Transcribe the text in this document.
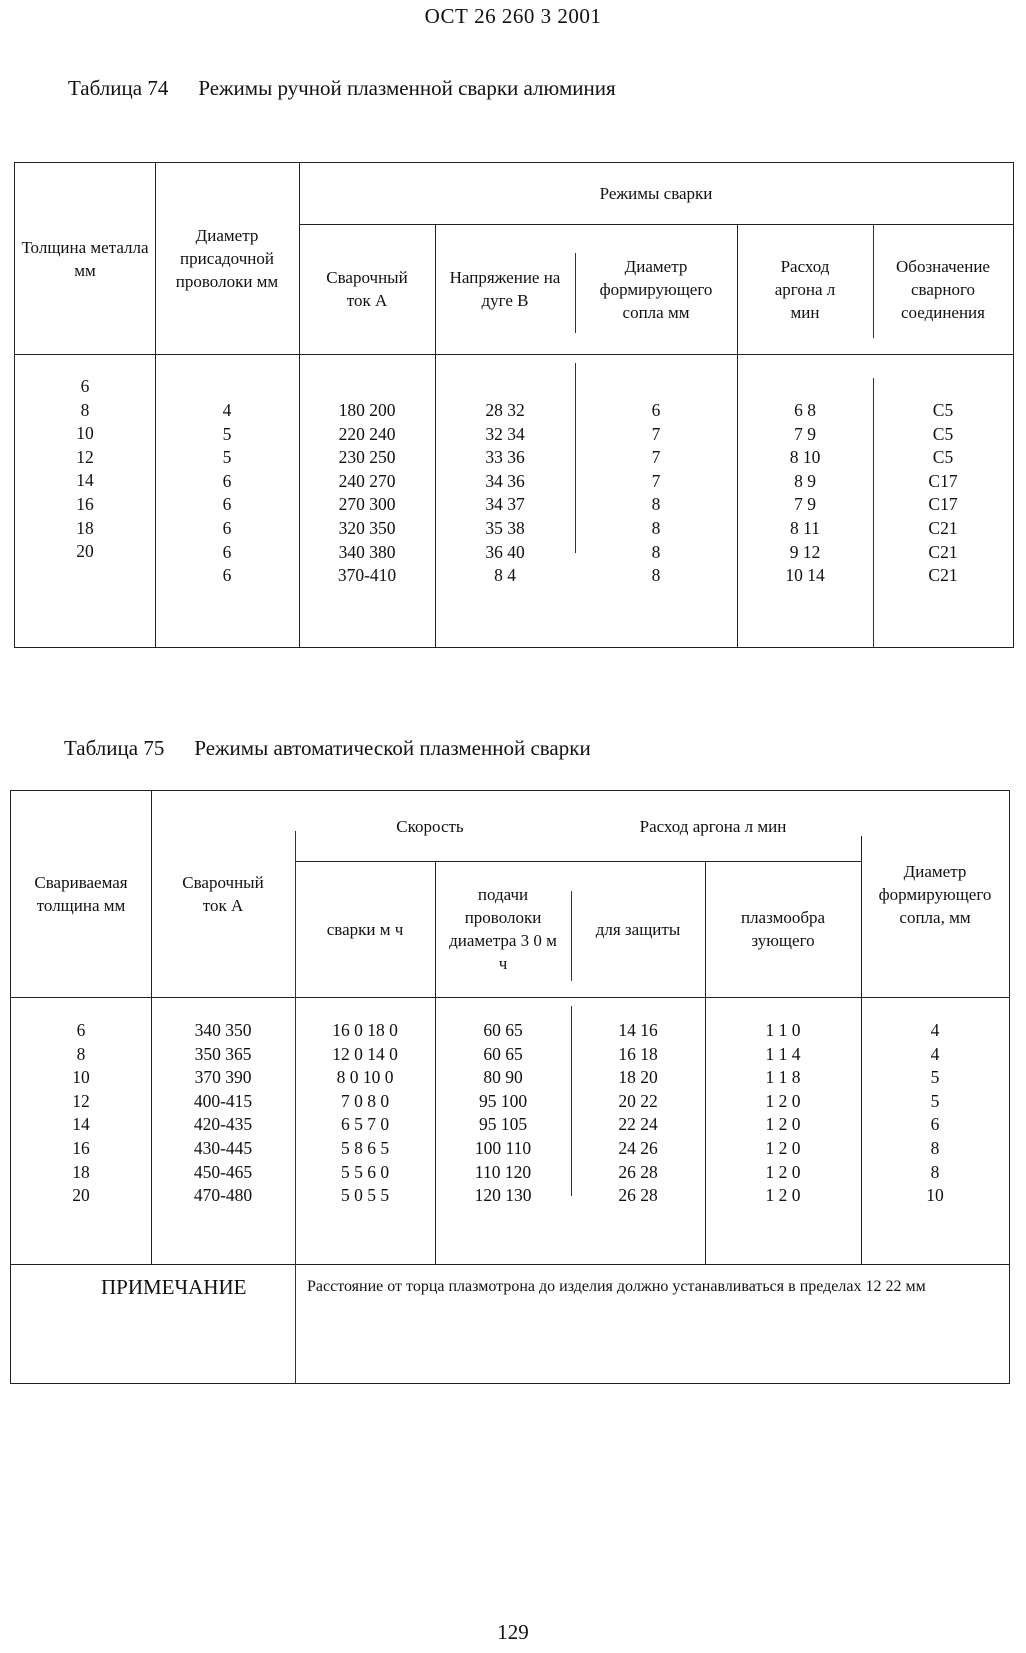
ОСТ 26 260 3 2001
Таблица 74 Режимы ручной плазменной сварки алюминия
Толщина металла мм
Диаметр присадочной проволоки мм
Режимы сварки
Сварочный ток А
Напряжение на дуге В
Диаметр формирующего сопла мм
Расход аргона л мин
Обозначение сварного соединения
6
8
10
12
14
16
18
20
4
5
5
6
6
6
6
6
180 200
220 240
230 250
240 270
270 300
320 350
340 380
370-410
28 32
32 34
33 36
34 36
34 37
35 38
36 40
8 4
6
7
7
7
8
8
8
8
6 8
7 9
8 10
8 9
7 9
8 11
9 12
10 14
С5
С5
С5
С17
С17
С21
С21
С21
Таблица 75 Режимы автоматической плазменной сварки
Свариваемая толщина мм
Сварочный ток А
Скорость	Расход аргона л мин
сварки м ч
подачи проволоки диаметра 3 0 м ч
для защиты
плазмообра зующего
Диаметр формирующего сопла, мм
6
8
10
12
14
16
18
20
340 350
350 365
370 390
400-415
420-435
430-445
450-465
470-480
16 0 18 0
12 0 14 0
8 0 10 0
7 0 8 0
6 5 7 0
5 8 6 5
5 5 6 0
5 0 5 5
60 65
60 65
80 90
95 100
95 105
100 110
110 120
120 130
14 16
16 18
18 20
20 22
22 24
24 26
26 28
26 28
1 1 0
1 1 4
1 1 8
1 2 0
1 2 0
1 2 0
1 2 0
1 2 0
4
4
5
5
6
8
8
10
ПРИМЕЧАНИЕ	Расстояние от торца плазмотрона до изделия должно устанавливаться в пределах 12 22 мм
129
